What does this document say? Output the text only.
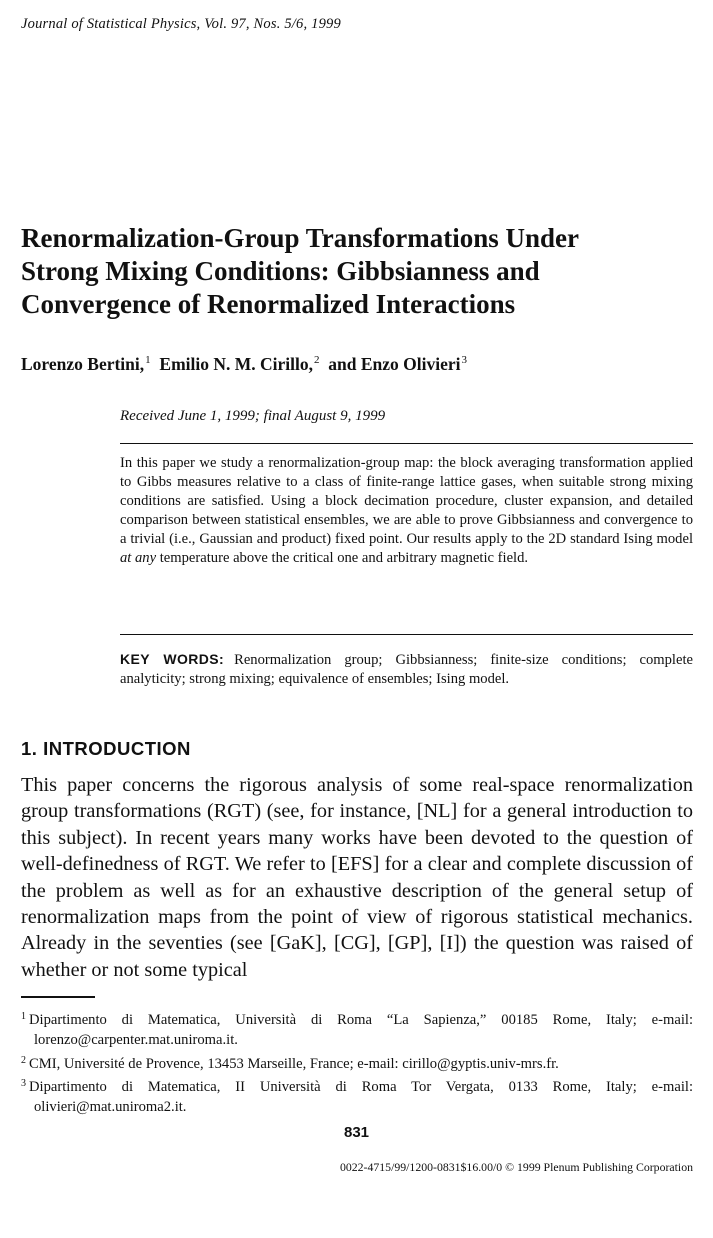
Journal of Statistical Physics, Vol. 97, Nos. 5/6, 1999
Renormalization-Group Transformations Under
Strong Mixing Conditions: Gibbsianness and
Convergence of Renormalized Interactions
Lorenzo Bertini,$^1$ Emilio N. M. Cirillo,$^2$ and Enzo Olivieri$^3$
Received June 1, 1999; final August 9, 1999
In this paper we study a renormalization-group map: the block averaging transformation applied to Gibbs measures relative to a class of finite-range lattice gases, when suitable strong mixing conditions are satisfied. Using a block decimation procedure, cluster expansion, and detailed comparison between statistical ensembles, we are able to prove Gibbsianness and convergence to a trivial (i.e., Gaussian and product) fixed point. Our results apply to the 2D standard Ising model at any temperature above the critical one and arbitrary magnetic field.
KEY WORDS: Renormalization group; Gibbsianness; finite-size conditions; complete analyticity; strong mixing; equivalence of ensembles; Ising model.
1. INTRODUCTION
This paper concerns the rigorous analysis of some real-space renormalization group transformations (RGT) (see, for instance, [NL] for a general introduction to this subject). In recent years many works have been devoted to the question of well-definedness of RGT. We refer to [EFS] for a clear and complete discussion of the problem as well as for an exhaustive description of the general setup of renormalization maps from the point of view of rigorous statistical mechanics. Already in the seventies (see [GaK], [CG], [GP], [I]) the question was raised of whether or not some typical
$^1$ Dipartimento di Matematica, Università di Roma “La Sapienza,” 00185 Rome, Italy; e-mail: lorenzo@carpenter.mat.uniroma.it.
$^2$ CMI, Université de Provence, 13453 Marseille, France; e-mail: cirillo@gyptis.univ-mrs.fr.
$^3$ Dipartimento di Matematica, II Università di Roma Tor Vergata, 0133 Rome, Italy; e-mail: olivieri@mat.uniroma2.it.
831
0022-4715/99/1200-0831$16.00/0 © 1999 Plenum Publishing Corporation
